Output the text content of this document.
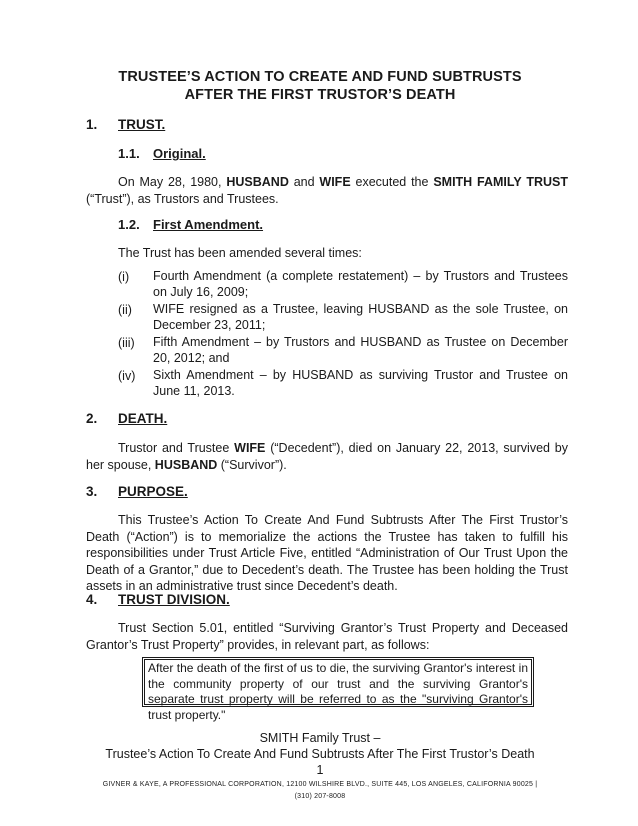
TRUSTEE’S ACTION TO CREATE AND FUND SUBTRUSTS
AFTER THE FIRST TRUSTOR’S DEATH
1. TRUST.
1.1. Original.
On May 28, 1980, HUSBAND and WIFE executed the SMITH FAMILY TRUST (“Trust”), as Trustors and Trustees.
1.2. First Amendment.
The Trust has been amended several times:
(i) Fourth Amendment (a complete restatement) – by Trustors and Trustees on July 16, 2009;
(ii) WIFE resigned as a Trustee, leaving HUSBAND as the sole Trustee, on December 23, 2011;
(iii) Fifth Amendment – by Trustors and HUSBAND as Trustee on December 20, 2012; and
(iv) Sixth Amendment – by HUSBAND as surviving Trustor and Trustee on June 11, 2013.
2. DEATH.
Trustor and Trustee WIFE (“Decedent”), died on January 22, 2013, survived by her spouse, HUSBAND (“Survivor”).
3. PURPOSE.
This Trustee’s Action To Create And Fund Subtrusts After The First Trustor’s Death (“Action”) is to memorialize the actions the Trustee has taken to fulfill his responsibilities under Trust Article Five, entitled “Administration of Our Trust Upon the Death of a Grantor,” due to Decedent’s death. The Trustee has been holding the Trust assets in an administrative trust since Decedent’s death.
4. TRUST DIVISION.
Trust Section 5.01, entitled “Surviving Grantor’s Trust Property and Deceased Grantor’s Trust Property” provides, in relevant part, as follows:
After the death of the first of us to die, the surviving Grantor's interest in the community property of our trust and the surviving Grantor's separate trust property will be referred to as the "surviving Grantor's trust property."
SMITH Family Trust –
Trustee’s Action To Create And Fund Subtrusts After The First Trustor’s Death
1
GIVNER & KAYE, A PROFESSIONAL CORPORATION, 12100 WILSHIRE BLVD., SUITE 445, LOS ANGELES, CALIFORNIA 90025 |
(310) 207-8008
